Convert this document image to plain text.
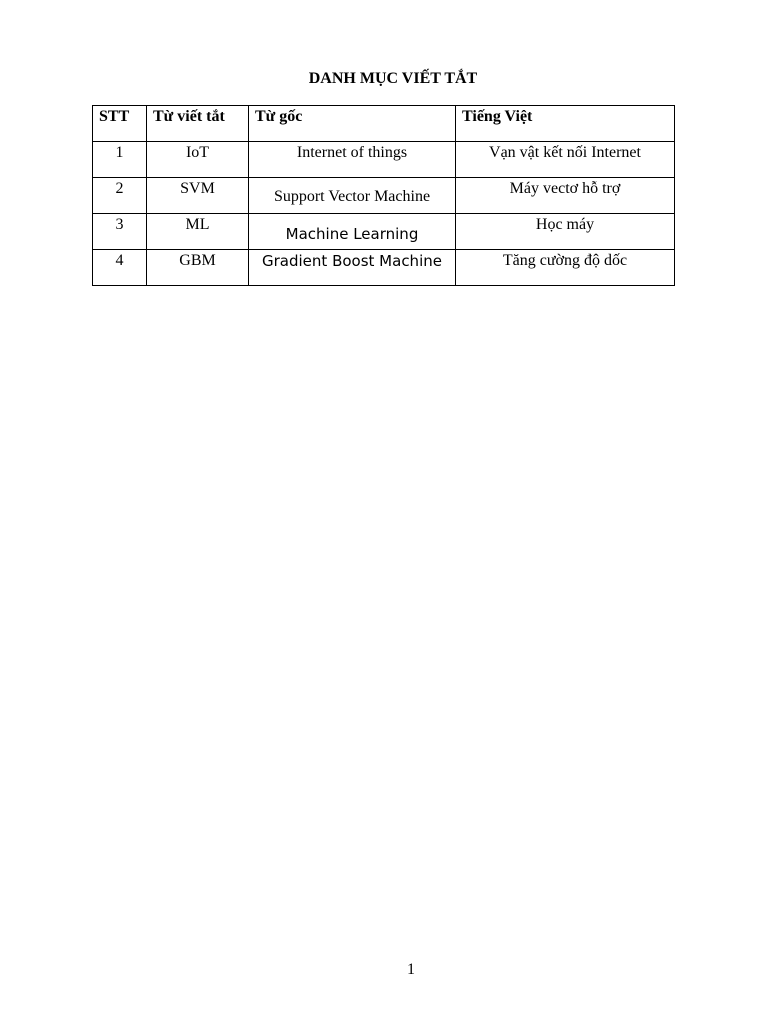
DANH MỤC VIẾT TẮT
STT	Từ viết tắt	Từ gốc	Tiếng Việt
1	IoT	Internet of things	Vạn vật kết nối Internet
2	SVM	Support Vector Machine	Máy vectơ hỗ trợ
3	ML	Machine Learning	Học máy
4	GBM	Gradient Boost Machine	Tăng cường độ dốc
1
